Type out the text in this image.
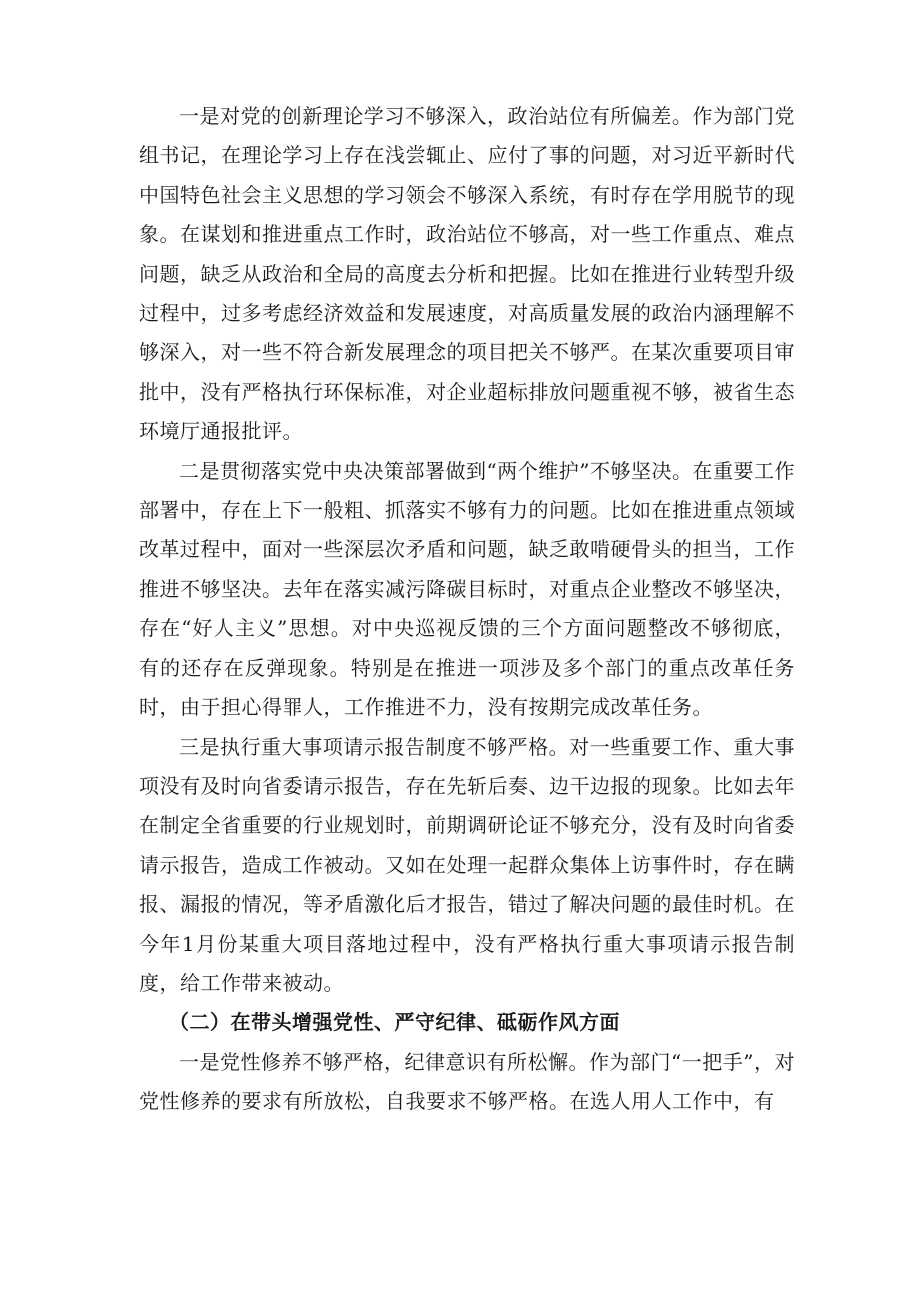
一是对党的创新理论学习不够深入，政治站位有所偏差。作为部门党组书记，在理论学习上存在浅尝辄止、应付了事的问题，对习近平新时代中国特色社会主义思想的学习领会不够深入系统，有时存在学用脱节的现象。在谋划和推进重点工作时，政治站位不够高，对一些工作重点、难点问题，缺乏从政治和全局的高度去分析和把握。比如在推进行业转型升级过程中，过多考虑经济效益和发展速度，对高质量发展的政治内涵理解不够深入，对一些不符合新发展理念的项目把关不够严。在某次重要项目审批中，没有严格执行环保标准，对企业超标排放问题重视不够，被省生态环境厅通报批评。

二是贯彻落实党中央决策部署做到“两个维护”不够坚决。在重要工作部署中，存在上下一般粗、抓落实不够有力的问题。比如在推进重点领域改革过程中，面对一些深层次矛盾和问题，缺乏敢啃硬骨头的担当，工作推进不够坚决。去年在落实减污降碳目标时，对重点企业整改不够坚决，存在“好人主义”思想。对中央巡视反馈的三个方面问题整改不够彻底，有的还存在反弹现象。特别是在推进一项涉及多个部门的重点改革任务时，由于担心得罪人，工作推进不力，没有按期完成改革任务。

三是执行重大事项请示报告制度不够严格。对一些重要工作、重大事项没有及时向省委请示报告，存在先斩后奏、边干边报的现象。比如去年在制定全省重要的行业规划时，前期调研论证不够充分，没有及时向省委请示报告，造成工作被动。又如在处理一起群众集体上访事件时，存在瞒报、漏报的情况，等矛盾激化后才报告，错过了解决问题的最佳时机。在今年1月份某重大项目落地过程中，没有严格执行重大事项请示报告制度，给工作带来被动。

（二）在带头增强党性、严守纪律、砥砺作风方面

一是党性修养不够严格，纪律意识有所松懈。作为部门“一把手”，对党性修养的要求有所放松，自我要求不够严格。在选人用人工作中，有
